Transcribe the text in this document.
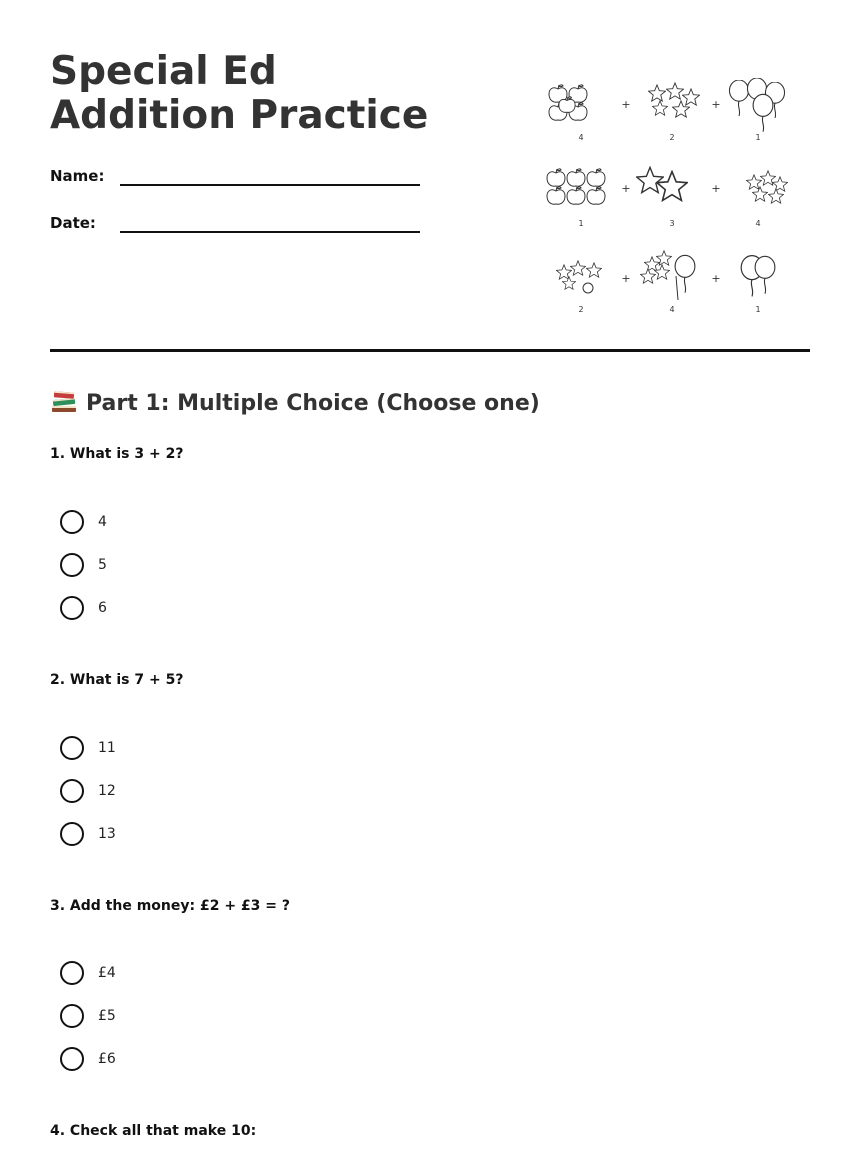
Special Ed Addition Practice
Name:
Date:
+	+
4	2	1
+	+
1	3	4
+	+
2	4	1
Part 1: Multiple Choice (Choose one)

1. What is 3 + 2?

4
5
6

2. What is 7 + 5?

11
12
13

3. Add the money: £2 + £3 = ?

£4
£5
£6

4. Check all that make 10:
